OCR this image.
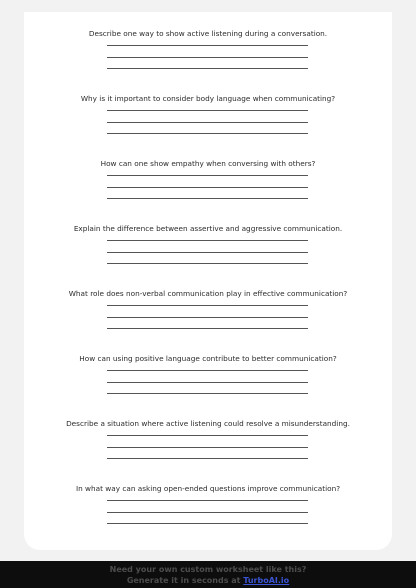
Describe one way to show active listening during a conversation.
Why is it important to consider body language when communicating?
How can one show empathy when conversing with others?
Explain the difference between assertive and aggressive communication.
What role does non-verbal communication play in effective communication?
How can using positive language contribute to better communication?
Describe a situation where active listening could resolve a misunderstanding.
In what way can asking open-ended questions improve communication?
Need your own custom worksheet like this?
Generate it in seconds at TurboAI.io
